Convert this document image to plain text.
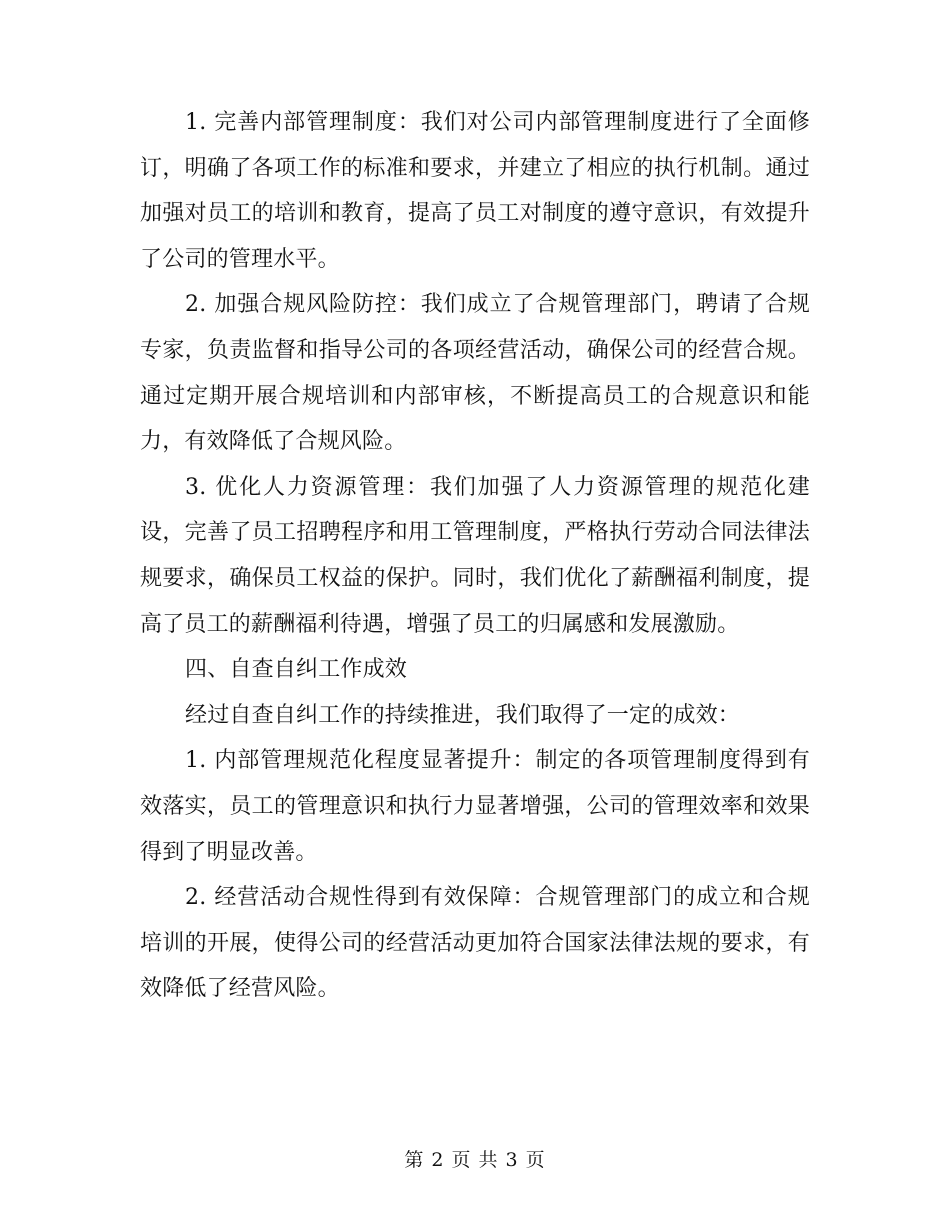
1. 完善内部管理制度：我们对公司内部管理制度进行了全面修订，明确了各项工作的标准和要求，并建立了相应的执行机制。通过加强对员工的培训和教育，提高了员工对制度的遵守意识，有效提升了公司的管理水平。

2. 加强合规风险防控：我们成立了合规管理部门，聘请了合规专家，负责监督和指导公司的各项经营活动，确保公司的经营合规。通过定期开展合规培训和内部审核，不断提高员工的合规意识和能力，有效降低了合规风险。

3. 优化人力资源管理：我们加强了人力资源管理的规范化建设，完善了员工招聘程序和用工管理制度，严格执行劳动合同法律法规要求，确保员工权益的保护。同时，我们优化了薪酬福利制度，提高了员工的薪酬福利待遇，增强了员工的归属感和发展激励。

四、自查自纠工作成效

经过自查自纠工作的持续推进，我们取得了一定的成效：

1. 内部管理规范化程度显著提升：制定的各项管理制度得到有效落实，员工的管理意识和执行力显著增强，公司的管理效率和效果得到了明显改善。

2. 经营活动合规性得到有效保障：合规管理部门的成立和合规培训的开展，使得公司的经营活动更加符合国家法律法规的要求，有效降低了经营风险。

第 2 页 共 3 页
